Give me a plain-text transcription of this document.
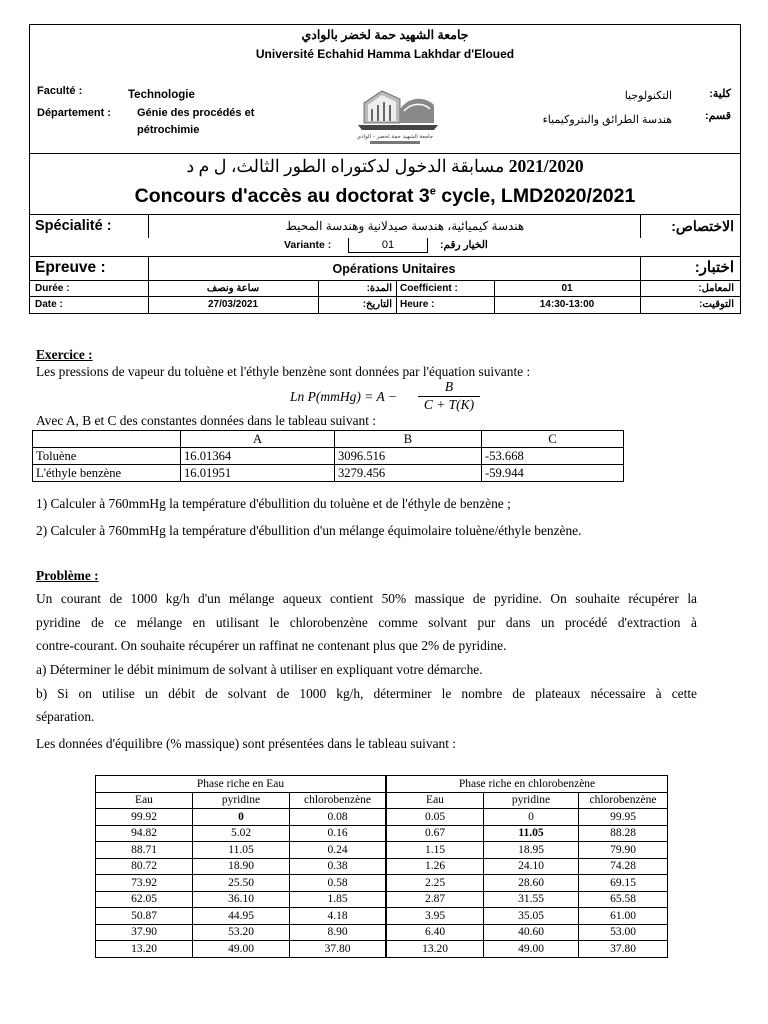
جامعة الشهيد حمة لخضر بالوادي
Université Echahid Hamma Lakhdar d'Eloued
Faculté :	Technologie
Département : Génie des procédés et
pétrochimie
جامعة الشهيد حمة لخضر - الوادي
كلية:
التكنولوجيا
قسم:
هندسة الطرائق والبتروكيمياء
مسابقة الدخول لدكتوراه الطور الثالث، ل م د 2021/2020
Concours d'accès au doctorat 3e cycle, LMD2020/2021
Spécialité :	هندسة كيميائية، هندسة صيدلانية وهندسة المحيط	الاختصاص:
Variante :	01	الخيار رقم:
Epreuve :	Opérations Unitaires	اختبار:
Durée :	ساعة ونصف	المدة: Coefficient :	01	المعامل:
Date :	27/03/2021	التاريخ: Heure :	14:30-13:00	التوقيت:
Exercice :
Les pressions de vapeur du toluène et l'éthyle benzène sont données par l'équation suivante :
Ln P(mmHg) = A −
B
C + T(K)
Avec A, B et C des constantes données dans le tableau suivant :
	A	B	C
Toluène	16.01364	3096.516	-53.668
L'éthyle benzène	16.01951	3279.456	-59.944
1) Calculer à 760mmHg la température d'ébullition du toluène et de l'éthyle de benzène ;
2) Calculer à 760mmHg la température d'ébullition d'un mélange équimolaire toluène/éthyle benzène.
Problème :
Un courant de 1000 kg/h d'un mélange aqueux contient 50% massique de pyridine. On souhaite récupérer la
pyridine de ce mélange en utilisant le chlorobenzène comme solvant pur dans un procédé d'extraction à
contre-courant. On souhaite récupérer un raffinat ne contenant plus que 2% de pyridine.
a) Déterminer le débit minimum de solvant à utiliser en expliquant votre démarche.
b) Si on utilise un débit de solvant de 1000 kg/h, déterminer le nombre de plateaux nécessaire à cette
séparation.
Les données d'équilibre (% massique) sont présentées dans le tableau suivant :
Phase riche en Eau			Phase riche en chlorobenzène		
Eau	pyridine	chlorobenzène	Eau	pyridine	chlorobenzène
99.92	0	0.08	0.05	0	99.95
94.82	5.02	0.16	0.67	11.05	88.28
88.71	11.05	0.24	1.15	18.95	79.90
80.72	18.90	0.38	1.26	24.10	74.28
73.92	25.50	0.58	2.25	28.60	69.15
62.05	36.10	1.85	2.87	31.55	65.58
50.87	44.95	4.18	3.95	35.05	61.00
37.90	53.20	8.90	6.40	40.60	53.00
13.20	49.00	37.80	13.20	49.00	37.80
